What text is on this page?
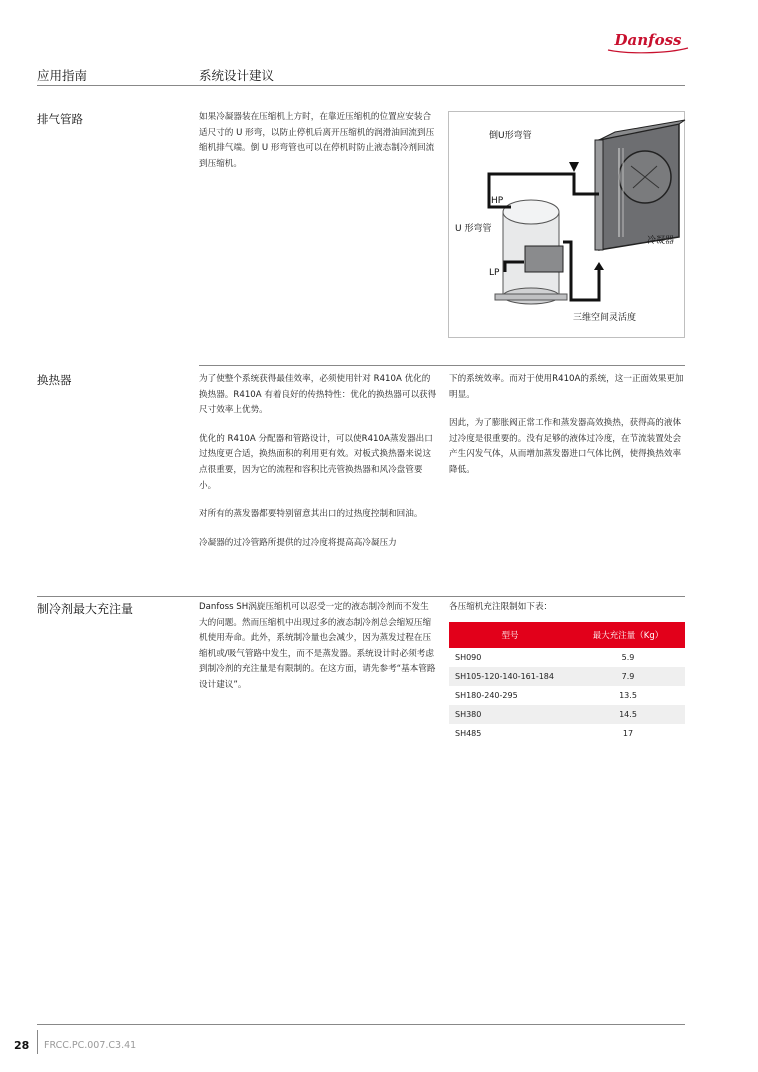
Danfoss
应用指南	系统设计建议
排气管路	如果冷凝器装在压缩机上方时，在靠近压缩机的位置应安装合适尺寸的 U 形弯，以防止停机后离开压缩机的润滑油回流到压缩机排气端。倒 U 形弯管也可以在停机时防止液态制冷剂回流到压缩机。
倒U形弯管
HP
U 形弯管
冷凝器
LP
三维空间灵活度
换热器	为了使整个系统获得最佳效率，必须使用针对 R410A 优化的换热器。R410A 有着良好的传热特性：优化的换热器可以获得尺寸效率上优势。

优化的 R410A 分配器和管路设计，可以使R410A蒸发器出口过热度更合适，换热面积的利用更有效。对板式换热器来说这点很重要，因为它的流程和容积比壳管换热器和风冷盘管要小。

对所有的蒸发器都要特别留意其出口的过热度控制和回油。

冷凝器的过冷管路所提供的过冷度将提高高冷凝压力

下的系统效率。而对于使用R410A的系统，这一正面效果更加明显。

因此，为了膨胀阀正常工作和蒸发器高效换热，获得高的液体过冷度是很重要的。没有足够的液体过冷度，在节流装置处会产生闪发气体，从而增加蒸发器进口气体比例，使得换热效率降低。

制冷剂最大充注量	Danfoss SH涡旋压缩机可以忍受一定的液态制冷剂而不发生大的问题。然而压缩机中出现过多的液态制冷剂总会缩短压缩机使用寿命。此外，系统制冷量也会减少，因为蒸发过程在压缩机或/吸气管路中发生，而不是蒸发器。系统设计时必须考虑到制冷剂的充注量是有限制的。在这方面，请先参考“基本管路设计建议”。
各压缩机充注限制如下表：
型号	最大充注量（Kg）
SH090	5.9
SH105-120-140-161-184	7.9
SH180-240-295	13.5
SH380	14.5
SH485	17
28 FRCC.PC.007.C3.41
